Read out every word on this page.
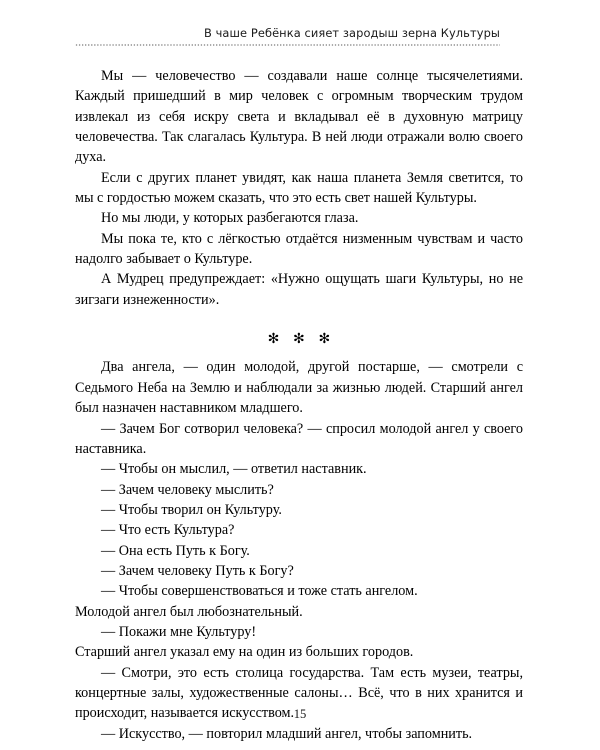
В чаше Ребёнка сияет зародыш зерна Культуры

Мы — человечество — создавали наше солнце тысячелетиями. Каждый пришедший в мир человек с огромным творческим трудом извлекал из себя искру света и вкладывал её в духовную матрицу человечества. Так слагалась Культура. В ней люди отражали волю своего духа.

Если с других планет увидят, как наша планета Земля светится, то мы с гордостью можем сказать, что это есть свет нашей Культуры.

Но мы люди, у которых разбегаются глаза.

Мы пока те, кто с лёгкостью отдаётся низменным чувствам и часто надолго забывает о Культуре.

А Мудрец предупреждает: «Нужно ощущать шаги Культуры, но не зигзаги изнеженности».

✻ ✻ ✻

Два ангела, — один молодой, другой постарше, — смотрели с Седьмого Неба на Землю и наблюдали за жизнью людей. Старший ангел был назначен наставником младшего.

— Зачем Бог сотворил человека? — спросил молодой ангел у своего наставника.

— Чтобы он мыслил, — ответил наставник.

— Зачем человеку мыслить?

— Чтобы творил он Культуру.

— Что есть Культура?

— Она есть Путь к Богу.

— Зачем человеку Путь к Богу?

— Чтобы совершенствоваться и тоже стать ангелом.

Молодой ангел был любознательный.

— Покажи мне Культуру!

Старший ангел указал ему на один из больших городов.

— Смотри, это есть столица государства. Там есть музеи, театры, концертные залы, художественные салоны… Всё, что в них хранится и происходит, называется искусством.

— Искусство, — повторил младший ангел, чтобы запомнить.

15
